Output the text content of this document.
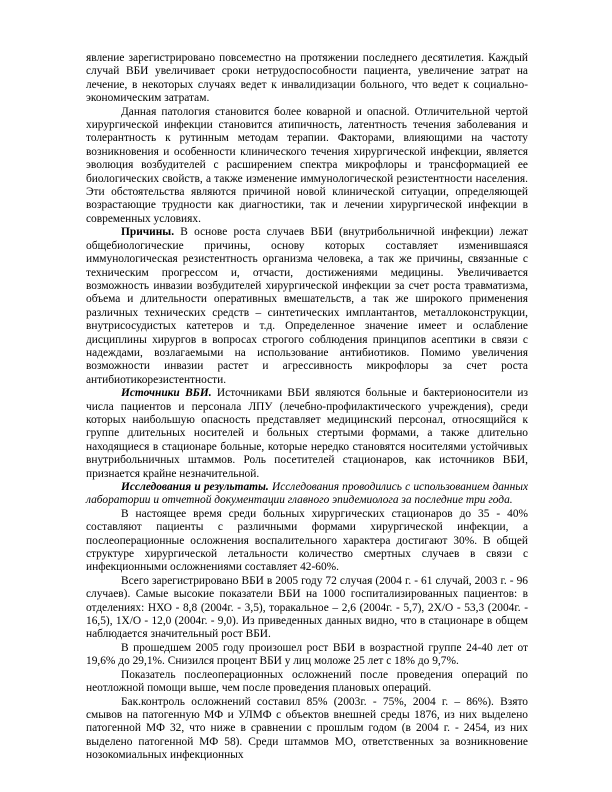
явление зарегистрировано повсеместно на протяжении последнего десятилетия. Каждый случай ВБИ увеличивает сроки нетрудоспособности пациента, увеличение затрат на лечение, в некоторых случаях ведет к инвалидизации больного, что ведет к социально-экономическим затратам.

Данная патология становится более коварной и опасной. Отличительной чертой хирургической инфекции становится атипичность, латентность течения заболевания и толерантность к рутинным методам терапии. Факторами, влияющими на частоту возникновения и особенности клинического течения хирургической инфекции, является эволюция возбудителей с расширением спектра микрофлоры и трансформацией ее биологических свойств, а также изменение иммунологической резистентности населения. Эти обстоятельства являются причиной новой клинической ситуации, определяющей возрастающие трудности как диагностики, так и лечении хирургической инфекции в современных условиях.

Причины. В основе роста случаев ВБИ (внутрибольничной инфекции) лежат общебиологические причины, основу которых составляет изменившаяся иммунологическая резистентность организма человека, а так же причины, связанные с техническим прогрессом и, отчасти, достижениями медицины. Увеличивается возможность инвазии возбудителей хирургической инфекции за счет роста травматизма, объема и длительности оперативных вмешательств, а так же широкого применения различных технических средств – синтетических имплантантов, металлоконструкции, внутрисосудистых катетеров и т.д. Определенное значение имеет и ослабление дисциплины хирургов в вопросах строгого соблюдения принципов асептики в связи с надеждами, возлагаемыми на использование антибиотиков. Помимо увеличения возможности инвазии растет и агрессивность микрофлоры за счет роста антибиотикорезистентности.

Источники ВБИ. Источниками ВБИ являются больные и бактерионосители из числа пациентов и персонала ЛПУ (лечебно-профилактического учреждения), среди которых наибольшую опасность представляет медицинский персонал, относящийся к группе длительных носителей и больных стертыми формами, а также длительно находящиеся в стационаре больные, которые нередко становятся носителями устойчивых внутрибольничных штаммов. Роль посетителей стационаров, как источников ВБИ, признается крайне незначительной.

Исследования и результаты. Исследования проводились с использованием данных лаборатории и отчетной документации главного эпидемиолога за последние три года.

В настоящее время среди больных хирургических стационаров до 35 - 40% составляют пациенты с различными формами хирургической инфекции, а послеоперационные осложнения воспалительного характера достигают 30%. В общей структуре хирургической летальности количество смертных случаев в связи с инфекционными осложнениями составляет 42-60%.

Всего зарегистрировано ВБИ в 2005 году 72 случая (2004 г. - 61 случай, 2003 г. - 96 случаев). Самые высокие показатели ВБИ на 1000 госпитализированных пациентов: в отделениях: НХО - 8,8 (2004г. - 3,5), торакальное – 2,6 (2004г. - 5,7), 2Х/О - 53,3 (2004г. - 16,5), 1Х/О - 12,0 (2004г. - 9,0). Из приведенных данных видно, что в стационаре в общем наблюдается значительный рост ВБИ.

В прошедшем 2005 году произошел рост ВБИ в возрастной группе 24-40 лет от 19,6% до 29,1%. Снизился процент ВБИ у лиц моложе 25 лет с 18% до 9,7%.

Показатель послеоперационных осложнений после проведения операций по неотложной помощи выше, чем после проведения плановых операций.

Бак.контроль осложнений составил 85% (2003г. - 75%, 2004 г. – 86%). Взято смывов на патогенную МФ и УЛМФ с объектов внешней среды 1876, из них выделено патогенной МФ 32, что ниже в сравнении с прошлым годом (в 2004 г. - 2454, из них выделено патогенной МФ 58). Среди штаммов МО, ответственных за возникновение нозокомиальных инфекционных
